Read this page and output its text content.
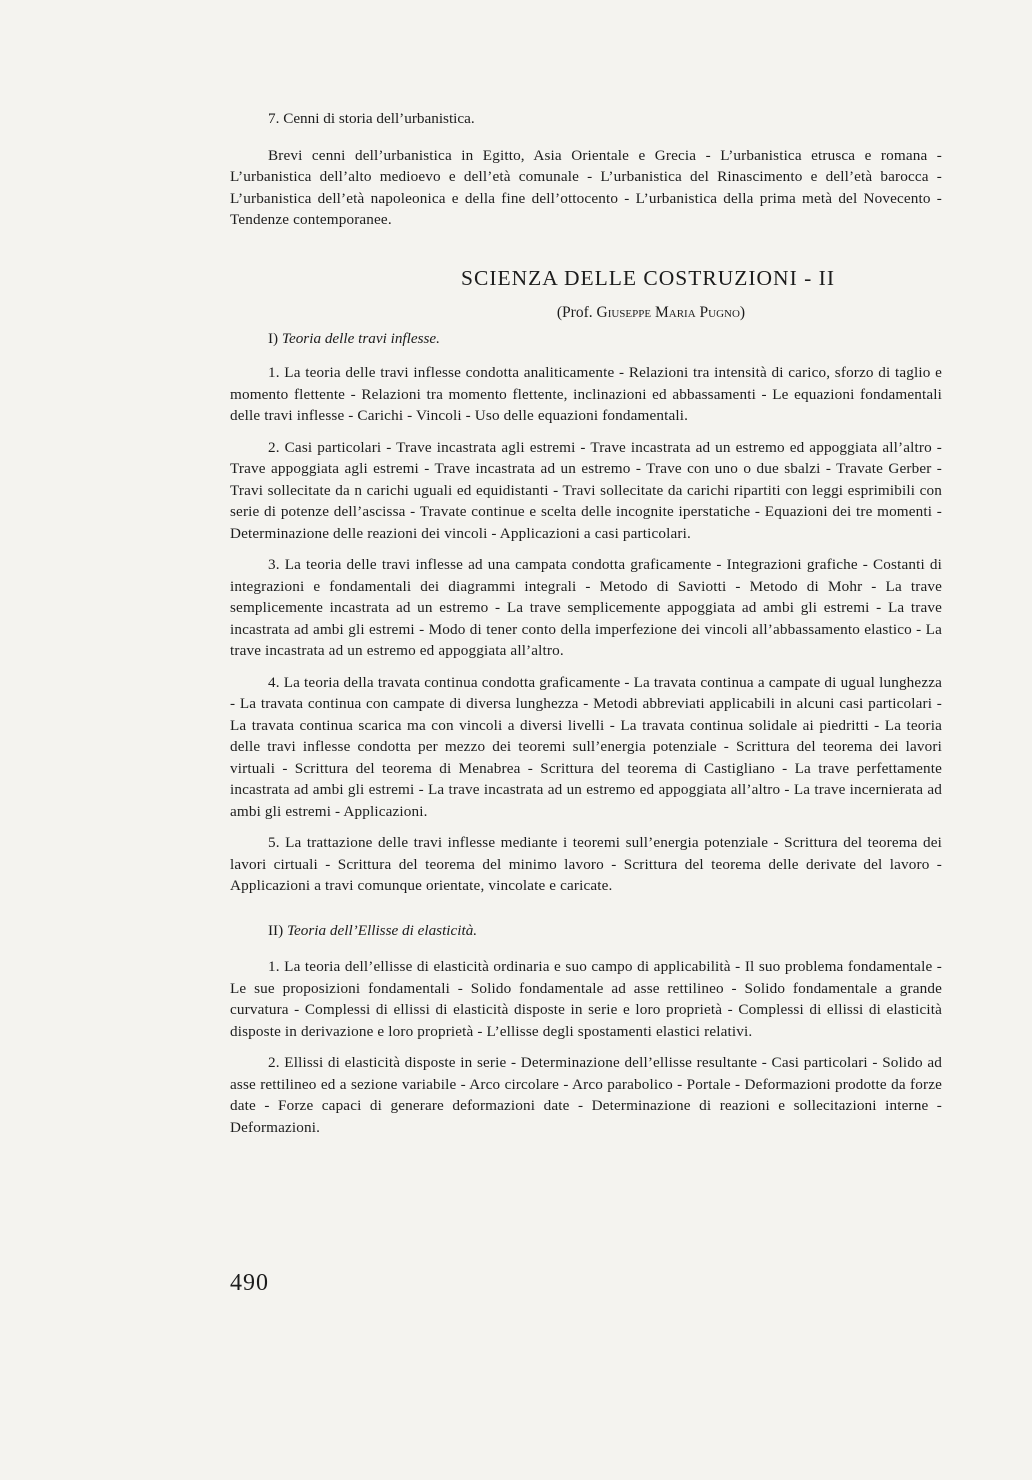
7. Cenni di storia dell’urbanistica.

Brevi cenni dell’urbanistica in Egitto, Asia Orientale e Grecia - L’urbanistica etrusca e romana - L’urbanistica dell’alto medioevo e dell’età comunale - L’urbanistica del Rinascimento e dell’età barocca - L’urbanistica dell’età napoleonica e della fine dell’ottocento - L’urbanistica della prima metà del Novecento - Tendenze contemporanee.

SCIENZA DELLE COSTRUZIONI - II
(Prof. Giuseppe Maria Pugno)

I) Teoria delle travi inflesse.

1. La teoria delle travi inflesse condotta analiticamente - Relazioni tra intensità di carico, sforzo di taglio e momento flettente - Relazioni tra momento flettente, inclinazioni ed abbassamenti - Le equazioni fondamentali delle travi inflesse - Carichi - Vincoli - Uso delle equazioni fondamentali.

2. Casi particolari - Trave incastrata agli estremi - Trave incastrata ad un estremo ed appoggiata all’altro - Trave appoggiata agli estremi - Trave incastrata ad un estremo - Trave con uno o due sbalzi - Travate Gerber - Travi sollecitate da n carichi uguali ed equidistanti - Travi sollecitate da carichi ripartiti con leggi esprimibili con serie di potenze dell’ascissa - Travate continue e scelta delle incognite iperstatiche - Equazioni dei tre momenti - Determinazione delle reazioni dei vincoli - Applicazioni a casi particolari.

3. La teoria delle travi inflesse ad una campata condotta graficamente - Integrazioni grafiche - Costanti di integrazioni e fondamentali dei diagrammi integrali - Metodo di Saviotti - Metodo di Mohr - La trave semplicemente incastrata ad un estremo - La trave semplicemente appoggiata ad ambi gli estremi - La trave incastrata ad ambi gli estremi - Modo di tener conto della imperfezione dei vincoli all’abbassamento elastico - La trave incastrata ad un estremo ed appoggiata all’altro.

4. La teoria della travata continua condotta graficamente - La travata continua a campate di ugual lunghezza - La travata continua con campate di diversa lunghezza - Metodi abbreviati applicabili in alcuni casi particolari - La travata continua scarica ma con vincoli a diversi livelli - La travata continua solidale ai piedritti - La teoria delle travi inflesse condotta per mezzo dei teoremi sull’energia potenziale - Scrittura del teorema dei lavori virtuali - Scrittura del teorema di Menabrea - Scrittura del teorema di Castigliano - La trave perfettamente incastrata ad ambi gli estremi - La trave incastrata ad un estremo ed appoggiata all’altro - La trave incernierata ad ambi gli estremi - Applicazioni.

5. La trattazione delle travi inflesse mediante i teoremi sull’energia potenziale - Scrittura del teorema dei lavori cirtuali - Scrittura del teorema del minimo lavoro - Scrittura del teorema delle derivate del lavoro - Applicazioni a travi comunque orientate, vincolate e caricate.

II) Teoria dell’Ellisse di elasticità.

1. La teoria dell’ellisse di elasticità ordinaria e suo campo di applicabilità - Il suo problema fondamentale - Le sue proposizioni fondamentali - Solido fondamentale ad asse rettilineo - Solido fondamentale a grande curvatura - Complessi di ellissi di elasticità disposte in serie e loro proprietà - Complessi di ellissi di elasticità disposte in derivazione e loro proprietà - L’ellisse degli spostamenti elastici relativi.

2. Ellissi di elasticità disposte in serie - Determinazione dell’ellisse resultante - Casi particolari - Solido ad asse rettilineo ed a sezione variabile - Arco circolare - Arco parabolico - Portale - Deformazioni prodotte da forze date - Forze capaci di generare deformazioni date - Determinazione di reazioni e sollecitazioni interne - Deformazioni.

490
